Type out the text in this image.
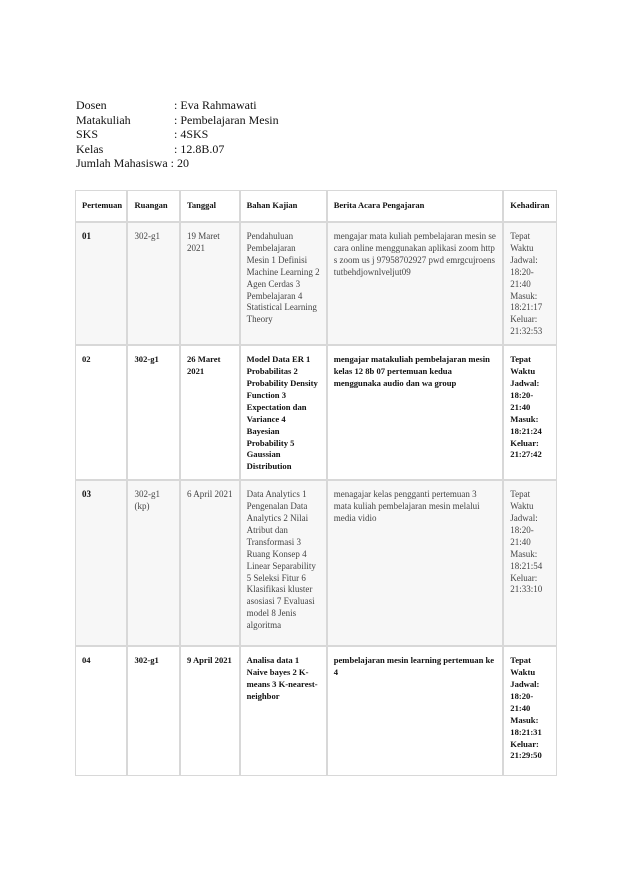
Dosen	: Eva Rahmawati
Matakuliah	: Pembelajaran Mesin
SKS	: 4SKS
Kelas	: 12.8B.07
Jumlah Mahasiswa : 20
Pertemuan	Ruangan	Tanggal	Bahan Kajian	Berita Acara Pengajaran	Kehadiran
01	302-g1	19 Maret 2021	Pendahuluan Pembelajaran Mesin 1 Definisi Machine Learning 2 Agen Cerdas 3 Pembelajaran 4 Statistical Learning Theory	mengajar mata kuliah pembelajaran mesin secara online menggunakan aplikasi zoom https zoom us j 97958702927 pwd emrgcujroenstutbehdjownlveljut09	Tepat Waktu Jadwal: 18:20-21:40 Masuk: 18:21:17 Keluar: 21:32:53
02	302-g1	26 Maret 2021	Model Data ER 1 Probabilitas 2 Probability Density Function 3 Expectation dan Variance 4 Bayesian Probability 5 Gaussian Distribution	mengajar matakuliah pembelajaran mesin kelas 12 8b 07 pertemuan kedua menggunaka audio dan wa group	Tepat Waktu Jadwal: 18:20-21:40 Masuk: 18:21:24 Keluar: 21:27:42
03	302-g1 (kp)	6 April 2021	Data Analytics 1 Pengenalan Data Analytics 2 Nilai Atribut dan Transformasi 3 Ruang Konsep 4 Linear Separability 5 Seleksi Fitur 6 Klasifikasi kluster asosiasi 7 Evaluasi model 8 Jenis algoritma	menagajar kelas pengganti pertemuan 3 mata kuliah pembelajaran mesin melalui media vidio	Tepat Waktu Jadwal: 18:20-21:40 Masuk: 18:21:54 Keluar: 21:33:10
04	302-g1	9 April 2021	Analisa data 1 Naive bayes 2 K-means 3 K-nearest-neighbor	pembelajaran mesin learning pertemuan ke 4	Tepat Waktu Jadwal: 18:20-21:40 Masuk: 18:21:31 Keluar: 21:29:50
